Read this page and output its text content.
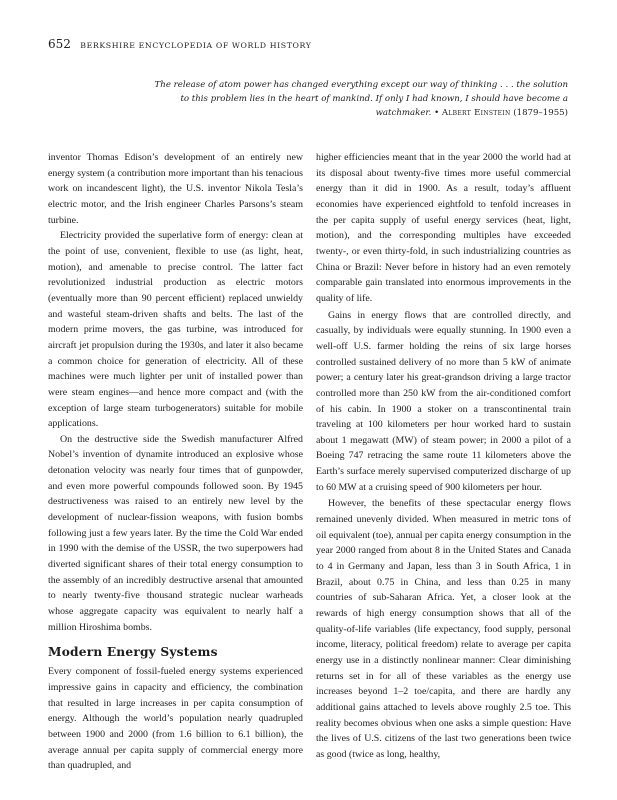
652 BERKSHIRE ENCYCLOPEDIA OF WORLD HISTORY
The release of atom power has changed everything except our way of thinking . . . the solution to this problem lies in the heart of mankind. If only I had known, I should have become a watchmaker. • Albert Einstein (1879–1955)

inventor Thomas Edison’s development of an entirely new energy system (a contribution more important than his tenacious work on incandescent light), the U.S. inventor Nikola Tesla’s electric motor, and the Irish engineer Charles Parsons’s steam turbine.

Electricity provided the superlative form of energy: clean at the point of use, convenient, flexible to use (as light, heat, motion), and amenable to precise control. The latter fact revolutionized industrial production as electric motors (eventually more than 90 percent efficient) replaced unwieldy and wasteful steam-driven shafts and belts. The last of the modern prime movers, the gas turbine, was introduced for aircraft jet propulsion during the 1930s, and later it also became a common choice for generation of electricity. All of these machines were much lighter per unit of installed power than were steam engines—and hence more compact and (with the exception of large steam turbogenerators) suitable for mobile applications.

On the destructive side the Swedish manufacturer Alfred Nobel’s invention of dynamite introduced an explosive whose detonation velocity was nearly four times that of gunpowder, and even more powerful compounds followed soon. By 1945 destructiveness was raised to an entirely new level by the development of nuclear-fission weapons, with fusion bombs following just a few years later. By the time the Cold War ended in 1990 with the demise of the USSR, the two superpowers had diverted significant shares of their total energy consumption to the assembly of an incredibly destructive arsenal that amounted to nearly twenty-five thousand strategic nuclear warheads whose aggregate capacity was equivalent to nearly half a million Hiroshima bombs.

Modern Energy Systems

Every component of fossil-fueled energy systems experienced impressive gains in capacity and efficiency, the combination that resulted in large increases in per capita consumption of energy. Although the world’s population nearly quadrupled between 1900 and 2000 (from 1.6 billion to 6.1 billion), the average annual per capita supply of commercial energy more than quadrupled, and

higher efficiencies meant that in the year 2000 the world had at its disposal about twenty-five times more useful commercial energy than it did in 1900. As a result, today’s affluent economies have experienced eightfold to tenfold increases in the per capita supply of useful energy services (heat, light, motion), and the corresponding multiples have exceeded twenty-, or even thirty-fold, in such industrializing countries as China or Brazil: Never before in history had an even remotely comparable gain translated into enormous improvements in the quality of life.

Gains in energy flows that are controlled directly, and casually, by individuals were equally stunning. In 1900 even a well-off U.S. farmer holding the reins of six large horses controlled sustained delivery of no more than 5 kW of animate power; a century later his great-grandson driving a large tractor controlled more than 250 kW from the air-conditioned comfort of his cabin. In 1900 a stoker on a transcontinental train traveling at 100 kilometers per hour worked hard to sustain about 1 megawatt (MW) of steam power; in 2000 a pilot of a Boeing 747 retracing the same route 11 kilometers above the Earth’s surface merely supervised computerized discharge of up to 60 MW at a cruising speed of 900 kilometers per hour.

However, the benefits of these spectacular energy flows remained unevenly divided. When measured in metric tons of oil equivalent (toe), annual per capita energy consumption in the year 2000 ranged from about 8 in the United States and Canada to 4 in Germany and Japan, less than 3 in South Africa, 1 in Brazil, about 0.75 in China, and less than 0.25 in many countries of sub-Saharan Africa. Yet, a closer look at the rewards of high energy consumption shows that all of the quality-of-life variables (life expectancy, food supply, personal income, literacy, political freedom) relate to average per capita energy use in a distinctly nonlinear manner: Clear diminishing returns set in for all of these variables as the energy use increases beyond 1–2 toe/capita, and there are hardly any additional gains attached to levels above roughly 2.5 toe. This reality becomes obvious when one asks a simple question: Have the lives of U.S. citizens of the last two generations been twice as good (twice as long, healthy,
